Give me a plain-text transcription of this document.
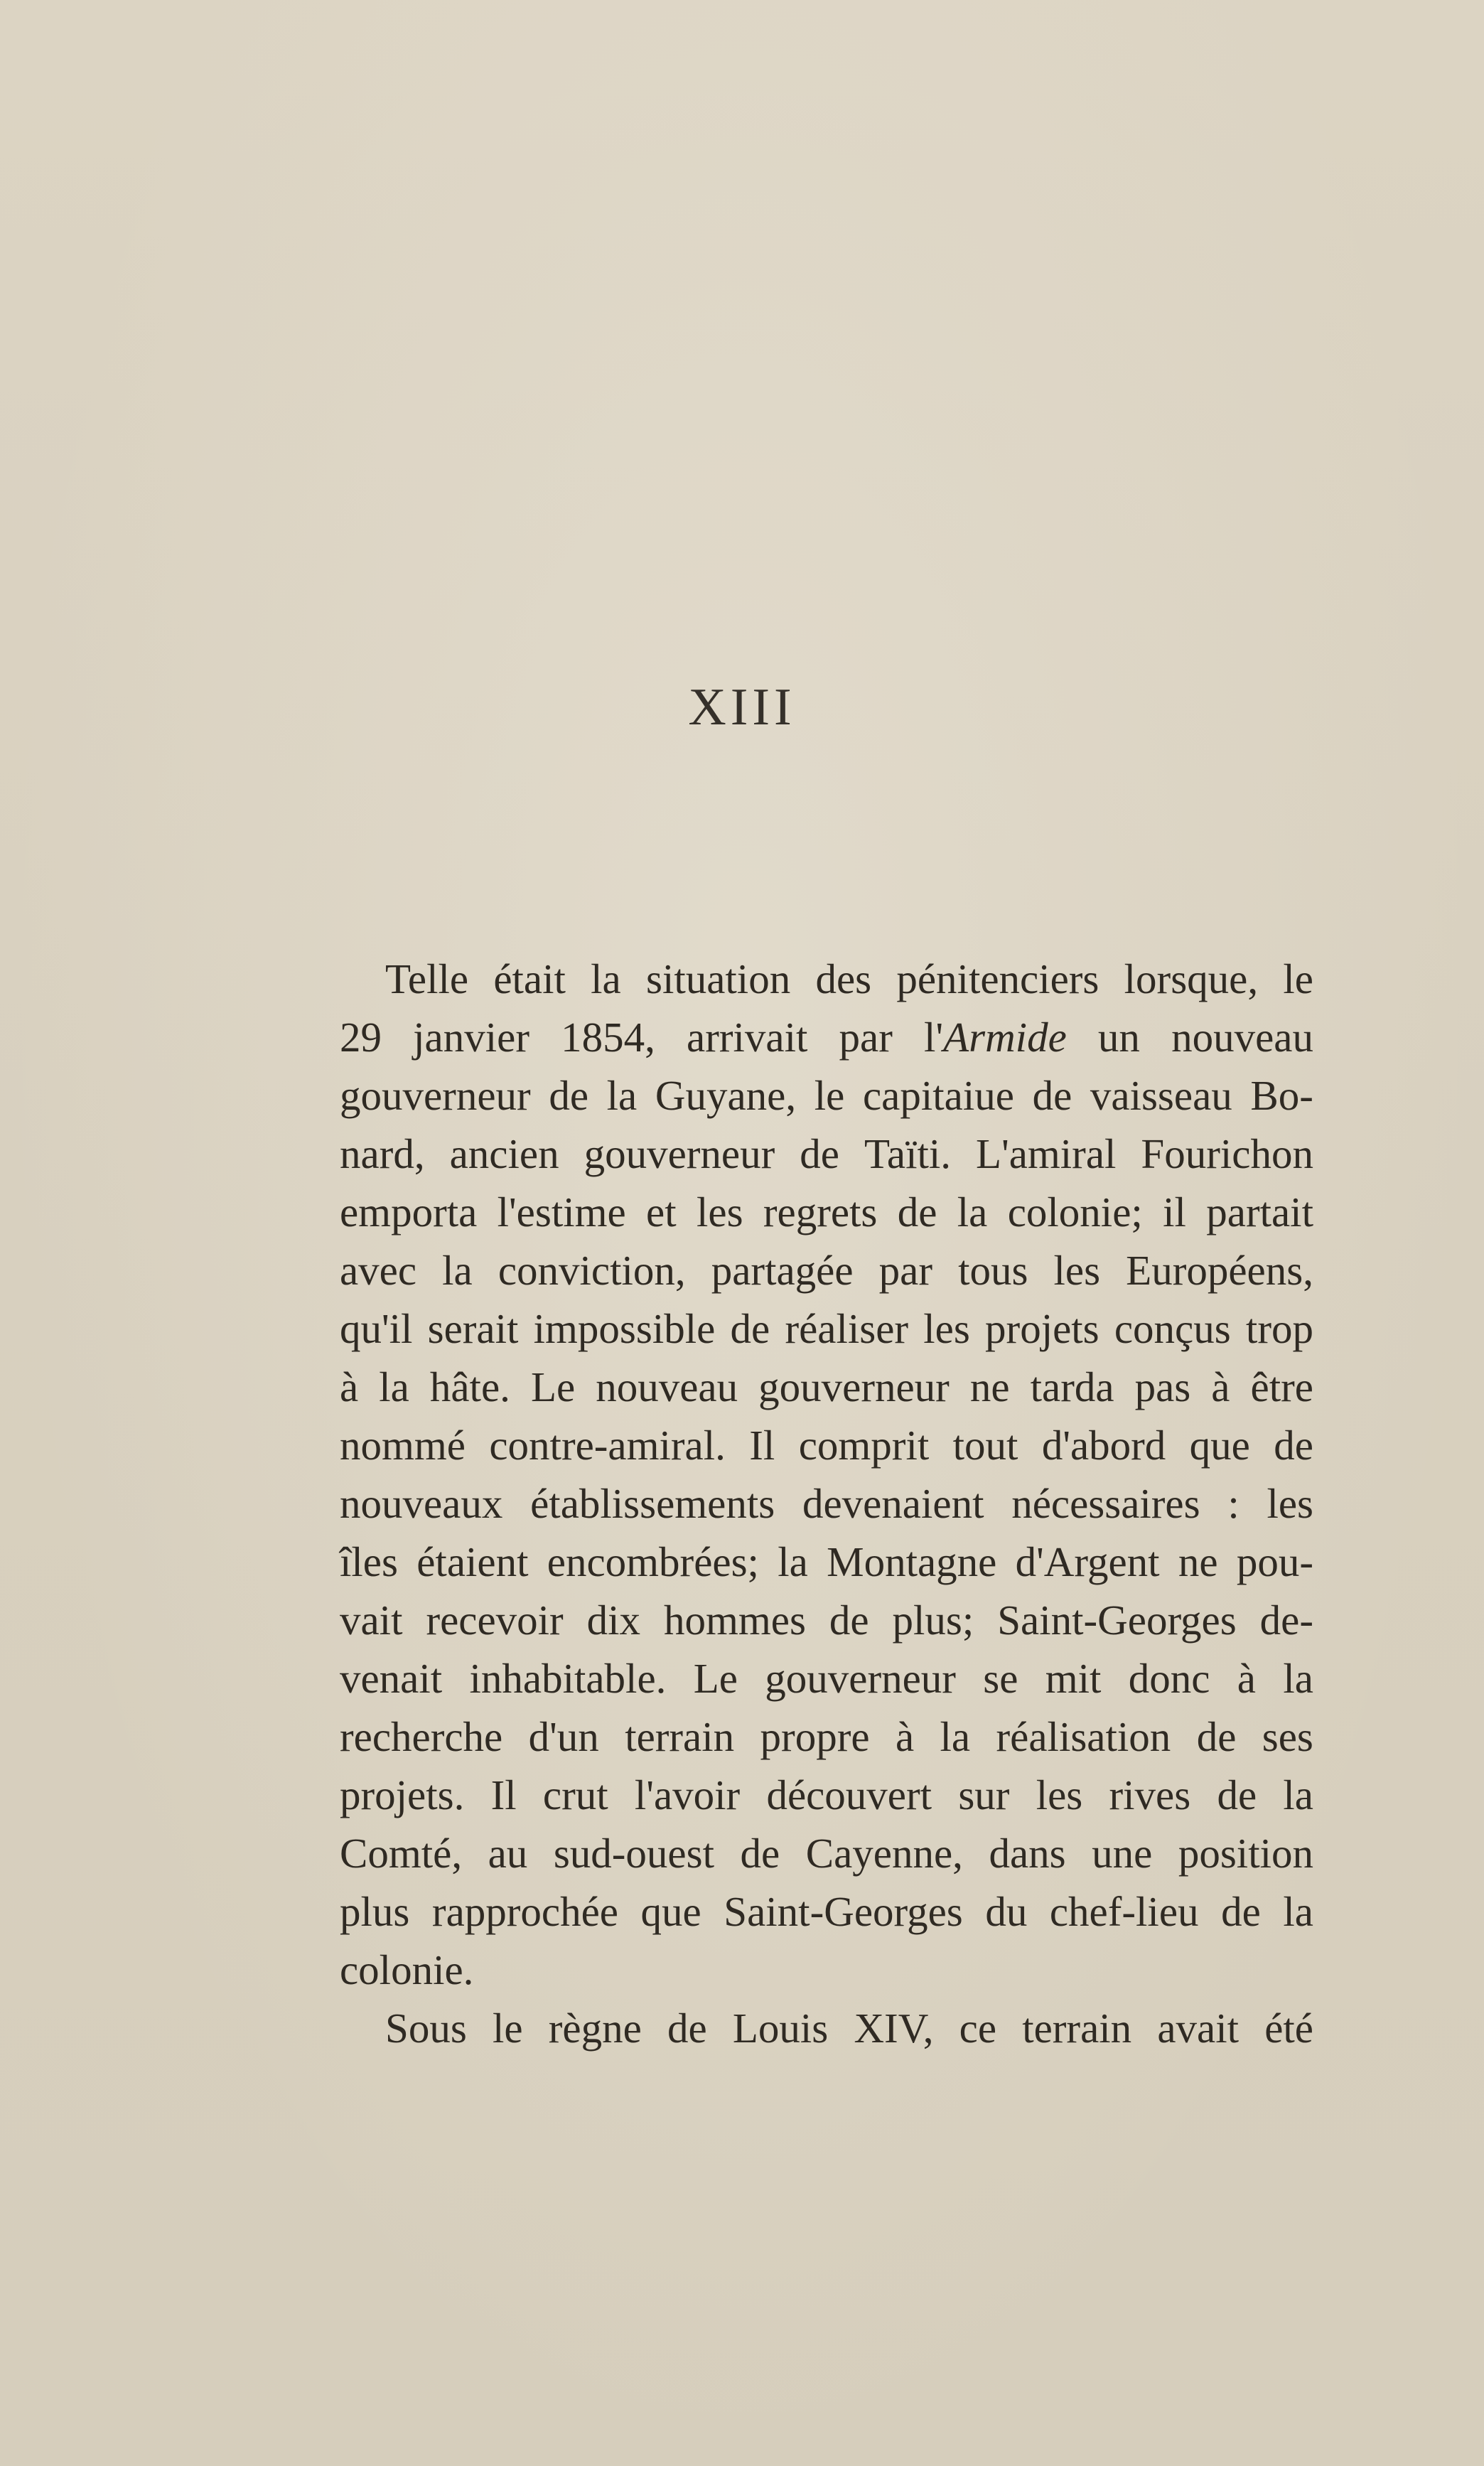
XIII
Telle était la situation des pénitenciers lorsque, le
29 janvier 1854, arrivait par l'Armide un nouveau
gouverneur de la Guyane, le capitaiue de vaisseau Bo-
nard, ancien gouverneur de Taïti. L'amiral Fourichon
emporta l'estime et les regrets de la colonie; il partait
avec la conviction, partagée par tous les Européens,
qu'il serait impossible de réaliser les projets conçus trop
à la hâte. Le nouveau gouverneur ne tarda pas à être
nommé contre-amiral. Il comprit tout d'abord que de
nouveaux établissements devenaient nécessaires : les
îles étaient encombrées; la Montagne d'Argent ne pou-
vait recevoir dix hommes de plus; Saint-Georges de-
venait inhabitable. Le gouverneur se mit donc à la
recherche d'un terrain propre à la réalisation de ses
projets. Il crut l'avoir découvert sur les rives de la
Comté, au sud-ouest de Cayenne, dans une position
plus rapprochée que Saint-Georges du chef-lieu de la
colonie.
Sous le règne de Louis XIV, ce terrain avait été
